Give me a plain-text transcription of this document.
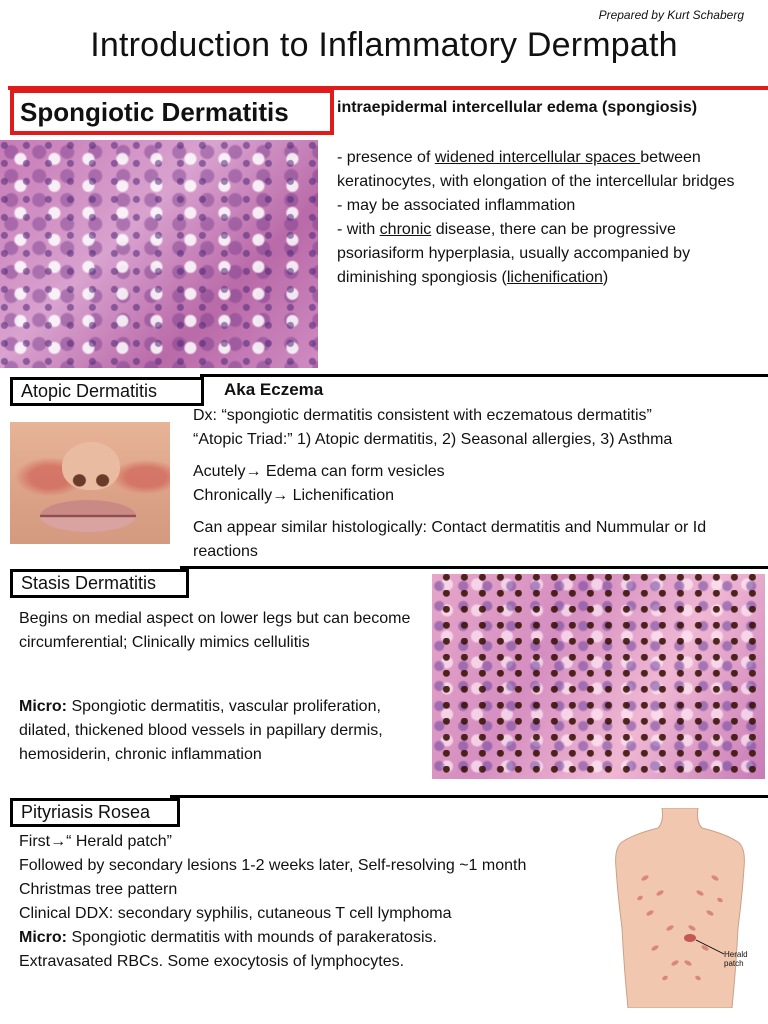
Prepared by Kurt Schaberg
Introduction to Inflammatory Dermpath
Spongiotic Dermatitis	intraepidermal intercellular edema (spongiosis)
- presence of widened intercellular spaces between keratinocytes, with elongation of the intercellular bridges
- may be associated inflammation
- with chronic disease, there can be progressive psoriasiform hyperplasia, usually accompanied by diminishing spongiosis (lichenification)
Atopic Dermatitis	Aka Eczema
Dx: “spongiotic dermatitis consistent with eczematous dermatitis”
“Atopic Triad:” 1) Atopic dermatitis, 2) Seasonal allergies, 3) Asthma
Acutely→ Edema can form vesicles
Chronically→ Lichenification
Can appear similar histologically: Contact dermatitis and Nummular or Id reactions
Stasis Dermatitis
Begins on medial aspect on lower legs but can become circumferential; Clinically mimics cellulitis
Micro: Spongiotic dermatitis, vascular proliferation, dilated, thickened blood vessels in papillary dermis, hemosiderin, chronic inflammation
Pityriasis Rosea
First→“ Herald patch”
Followed by secondary lesions 1-2 weeks later, Self-resolving ~1 month
Christmas tree pattern
Clinical DDX: secondary syphilis, cutaneous T cell lymphoma
Micro: Spongiotic dermatitis with mounds of parakeratosis.
Extravasated RBCs. Some exocytosis of lymphocytes.	Herald patch
